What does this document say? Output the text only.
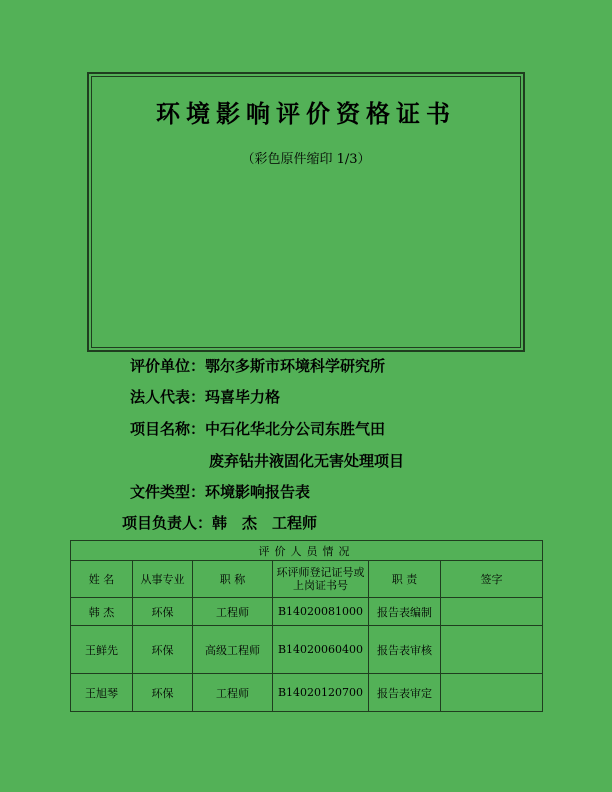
环境影响评价资格证书
（彩色原件缩印 1/3）
评价单位：鄂尔多斯市环境科学研究所
法人代表：玛喜毕力格
项目名称：中石化华北分公司东胜气田
废弃钻井液固化无害处理项目
文件类型：环境影响报告表
项目负责人：韩　杰　工程师
评价人员情况					
姓 名	从事专业	职 称	环评师登记证号或上岗证书号	职 责	签字
韩 杰	环保	工程师	B14020081000	报告表编制	
王鲜先	环保	高级工程师	B14020060400	报告表审核	
王旭琴	环保	工程师	B14020120700	报告表审定	
